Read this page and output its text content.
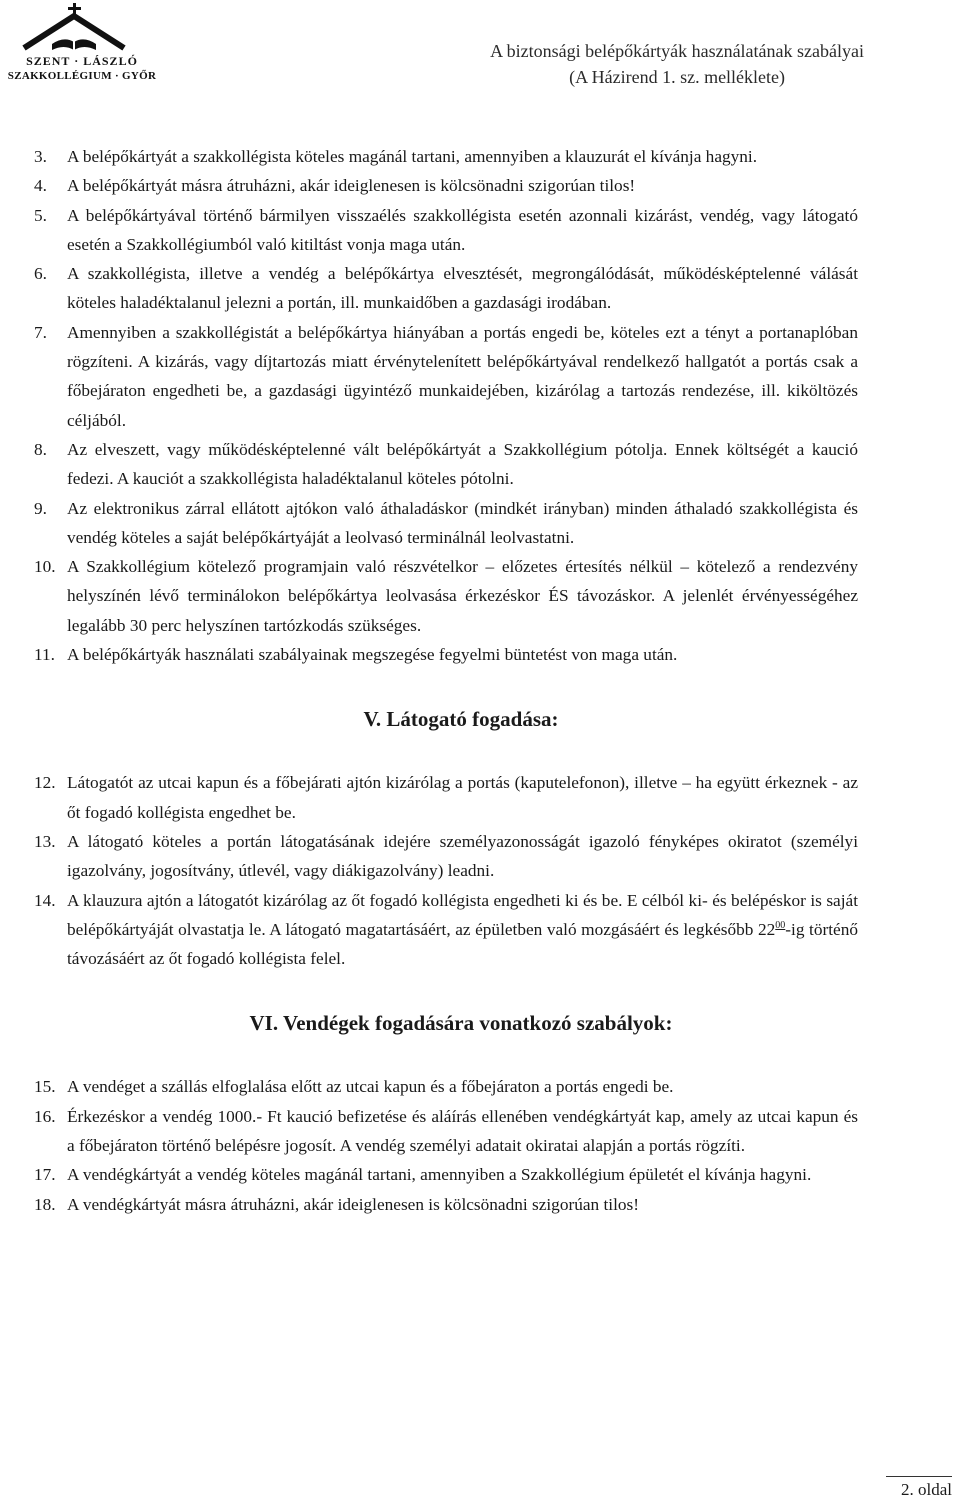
SZENT · LÁSZLÓ
SZAKKOLLÉGIUM · GYŐR
A biztonsági belépőkártyák használatának szabályai
(A Házirend 1. sz. melléklete)
3. A belépőkártyát a szakkollégista köteles magánál tartani, amennyiben a klauzurát el kívánja hagyni.
4. A belépőkártyát másra átruházni, akár ideiglenesen is kölcsönadni szigorúan tilos!
5. A belépőkártyával történő bármilyen visszaélés szakkollégista esetén azonnali kizárást, vendég, vagy látogató esetén a Szakkollégiumból való kitiltást vonja maga után.
6. A szakkollégista, illetve a vendég a belépőkártya elvesztését, megrongálódását, működésképtelenné válását köteles haladéktalanul jelezni a portán, ill. munkaidőben a gazdasági irodában.
7. Amennyiben a szakkollégistát a belépőkártya hiányában a portás engedi be, köteles ezt a tényt a portanaplóban rögzíteni. A kizárás, vagy díjtartozás miatt érvénytelenített belépőkártyával rendelkező hallgatót a portás csak a főbejáraton engedheti be, a gazdasági ügyintéző munkaidejében, kizárólag a tartozás rendezése, ill. kiköltözés céljából.
8. Az elveszett, vagy működésképtelenné vált belépőkártyát a Szakkollégium pótolja. Ennek költségét a kaució fedezi. A kauciót a szakkollégista haladéktalanul köteles pótolni.
9. Az elektronikus zárral ellátott ajtókon való áthaladáskor (mindkét irányban) minden áthaladó szakkollégista és vendég köteles a saját belépőkártyáját a leolvasó terminálnál leolvastatni.
10. A Szakkollégium kötelező programjain való részvételkor – előzetes értesítés nélkül – kötelező a rendezvény helyszínén lévő terminálokon belépőkártya leolvasása érkezéskor ÉS távozáskor. A jelenlét érvényességéhez legalább 30 perc helyszínen tartózkodás szükséges.
11. A belépőkártyák használati szabályainak megszegése fegyelmi büntetést von maga után.
V. Látogató fogadása:
12. Látogatót az utcai kapun és a főbejárati ajtón kizárólag a portás (kaputelefonon), illetve – ha együtt érkeznek - az őt fogadó kollégista engedhet be.
13. A látogató köteles a portán látogatásának idejére személyazonosságát igazoló fényképes okiratot (személyi igazolvány, jogosítvány, útlevél, vagy diákigazolvány) leadni.
14. A klauzura ajtón a látogatót kizárólag az őt fogadó kollégista engedheti ki és be. E célból ki- és belépéskor is saját belépőkártyáját olvastatja le. A látogató magatartásáért, az épületben való mozgásáért és legkésőbb $22^{00}-ig$ történő távozásáért az őt fogadó kollégista felel.
VI. Vendégek fogadására vonatkozó szabályok:
15. A vendéget a szállás elfoglalása előtt az utcai kapun és a főbejáraton a portás engedi be.
16. Érkezéskor a vendég 1000.- Ft kaució befizetése és aláírás ellenében vendégkártyát kap, amely az utcai kapun és a főbejáraton történő belépésre jogosít. A vendég személyi adatait okiratai alapján a portás rögzíti.
17. A vendégkártyát a vendég köteles magánál tartani, amennyiben a Szakkollégium épületét el kívánja hagyni.
18. A vendégkártyát másra átruházni, akár ideiglenesen is kölcsönadni szigorúan tilos!
2. oldal
